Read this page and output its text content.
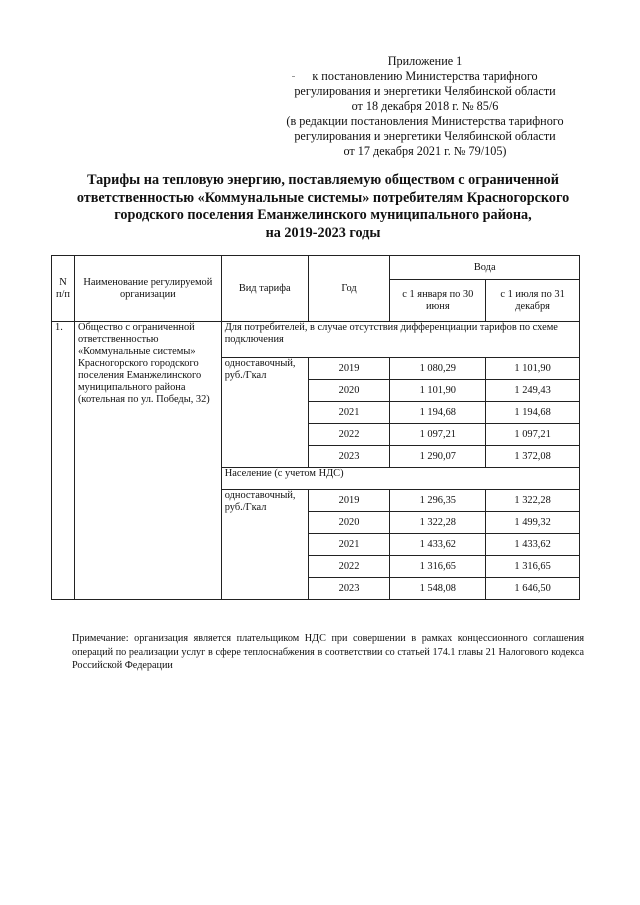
Приложение 1
к постановлению Министерства тарифного
регулирования и энергетики Челябинской области
от 18 декабря 2018 г. № 85/6
(в редакции постановления Министерства тарифного
регулирования и энергетики Челябинской области
от 17 декабря 2021 г. № 79/105)
Тарифы на тепловую энергию, поставляемую обществом с ограниченной
ответственностью «Коммунальные системы» потребителям Красногорского
городского поселения Еманжелинского муниципального района,
на 2019-2023 годы
N п/п	Наименование регулируемой организации	Вид тарифа	Год	Вода	
				с 1 января по 30 июня	с 1 июля по 31 декабря
1.	Общество с ограниченной ответственностью «Коммунальные системы» Красногорского городского поселения Еманжелинского муниципального района (котельная по ул. Победы, 32)	Для потребителей, в случае отсутствия дифференциации тарифов по схеме подключения			
		одноставочный, руб./Гкал	2019	1 080,29	1 101,90
			2020	1 101,90	1 249,43
			2021	1 194,68	1 194,68
			2022	1 097,21	1 097,21
			2023	1 290,07	1 372,08
		Население (с учетом НДС)			
		одноставочный, руб./Гкал	2019	1 296,35	1 322,28
			2020	1 322,28	1 499,32
			2021	1 433,62	1 433,62
			2022	1 316,65	1 316,65
			2023	1 548,08	1 646,50
Примечание: организация является плательщиком НДС при совершении в рамках концессионного соглашения операций по реализации услуг в сфере теплоснабжения в соответствии со статьей 174.1 главы 21 Налогового кодекса Российской Федерации
